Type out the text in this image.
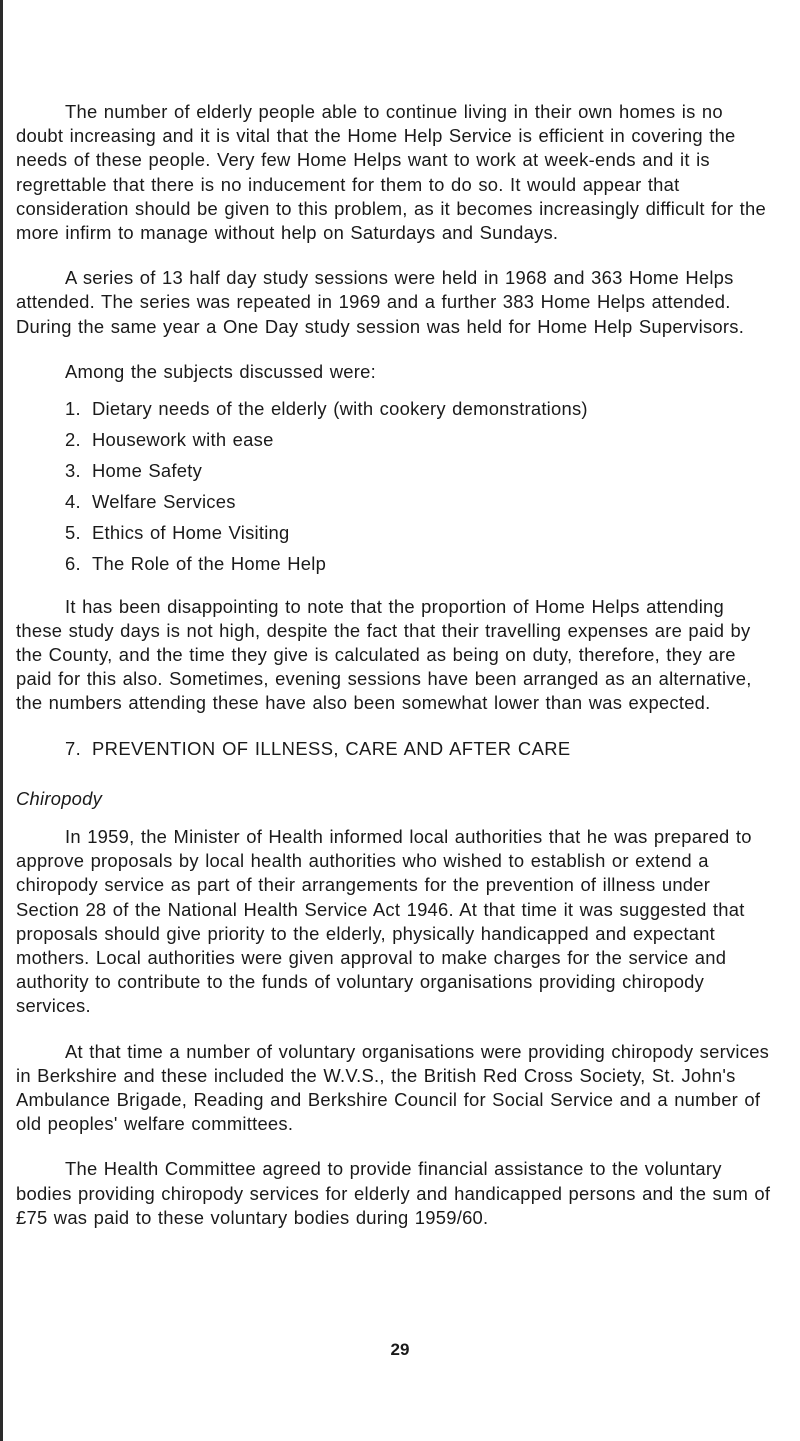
The number of elderly people able to continue living in their own homes is no doubt increasing and it is vital that the Home Help Service is efficient in covering the needs of these people. Very few Home Helps want to work at week-ends and it is regrettable that there is no inducement for them to do so. It would appear that consideration should be given to this problem, as it becomes increasingly difficult for the more infirm to manage without help on Saturdays and Sundays.

A series of 13 half day study sessions were held in 1968 and 363 Home Helps attended. The series was repeated in 1969 and a further 383 Home Helps attended. During the same year a One Day study session was held for Home Help Supervisors.

Among the subjects discussed were:

1. Dietary needs of the elderly (with cookery demonstrations)
2. Housework with ease
3. Home Safety
4. Welfare Services
5. Ethics of Home Visiting
6. The Role of the Home Help

It has been disappointing to note that the proportion of Home Helps attending these study days is not high, despite the fact that their travelling expenses are paid by the County, and the time they give is calculated as being on duty, therefore, they are paid for this also. Sometimes, evening sessions have been arranged as an alternative, the numbers attending these have also been somewhat lower than was expected.

7. PREVENTION OF ILLNESS, CARE AND AFTER CARE
Chiropody

In 1959, the Minister of Health informed local authorities that he was prepared to approve proposals by local health authorities who wished to establish or extend a chiropody service as part of their arrangements for the prevention of illness under Section 28 of the National Health Service Act 1946. At that time it was suggested that proposals should give priority to the elderly, physically handicapped and expectant mothers. Local authorities were given approval to make charges for the service and authority to contribute to the funds of voluntary organisations providing chiropody services.

At that time a number of voluntary organisations were providing chiropody services in Berkshire and these included the W.V.S., the British Red Cross Society, St. John's Ambulance Brigade, Reading and Berkshire Council for Social Service and a number of old peoples' welfare committees.

The Health Committee agreed to provide financial assistance to the voluntary bodies providing chiropody services for elderly and handicapped persons and the sum of £75 was paid to these voluntary bodies during 1959/60.

29
